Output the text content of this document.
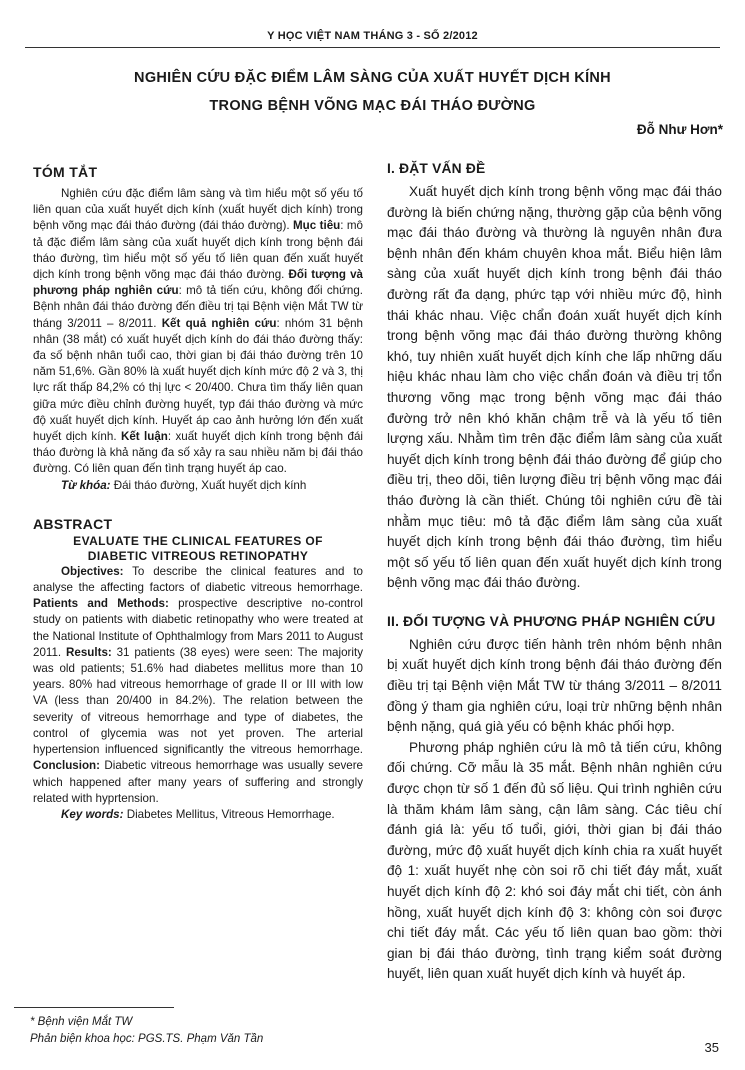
Y HỌC VIỆT NAM THÁNG 3 - SỐ 2/2012
NGHIÊN CỨU ĐẶC ĐIỂM LÂM SÀNG CỦA XUẤT HUYẾT DỊCH KÍNH
TRONG BỆNH VÕNG MẠC ĐÁI THÁO ĐƯỜNG
Đỗ Như Hơn*
TÓM TẮT

Nghiên cứu đặc điểm lâm sàng và tìm hiểu một số yếu tố liên quan của xuất huyết dịch kính (xuất huyết dịch kính) trong bệnh võng mạc đái tháo đường (đái tháo đường). Mục tiêu: mô tả đặc điểm lâm sàng của xuất huyết dịch kính trong bệnh đái tháo đường, tìm hiểu một số yếu tố liên quan đến xuất huyết dịch kính trong bệnh võng mạc đái tháo đường. Đối tượng và phương pháp nghiên cứu: mô tả tiến cứu, không đối chứng. Bệnh nhân đái tháo đường đến điều trị tại Bệnh viện Mắt TW từ tháng 3/2011 – 8/2011. Kết quả nghiên cứu: nhóm 31 bệnh nhân (38 mắt) có xuất huyết dịch kính do đái tháo đường thấy: đa số bệnh nhân tuổi cao, thời gian bị đái tháo đường trên 10 năm 51,6%. Gần 80% là xuất huyết dịch kính mức độ 2 và 3, thị lực rất thấp 84,2% có thị lực < 20/400. Chưa tìm thấy liên quan giữa mức điều chỉnh đường huyết, typ đái tháo đường và mức độ xuất huyết dịch kính. Huyết áp cao ảnh hưởng lớn đến xuất huyết dịch kính. Kết luận: xuất huyết dịch kính trong bệnh đái tháo đường là khả năng đa số xảy ra sau nhiều năm bị đái tháo đường. Có liên quan đến tình trạng huyết áp cao.

Từ khóa: Đái tháo đường, Xuất huyết dịch kính

ABSTRACT
EVALUATE THE CLINICAL FEATURES OF
DIABETIC VITREOUS RETINOPATHY

Objectives: To describe the clinical features and to analyse the affecting factors of diabetic vitreous hemorrhage. Patients and Methods: prospective descriptive no-control study on patients with diabetic retinopathy who were treated at the National Institute of Ophthalmlogy from Mars 2011 to August 2011. Results: 31 patients (38 eyes) were seen: The majority was old patients; 51.6% had diabetes mellitus more than 10 years. 80% had vitreous hemorrhage of grade II or III with low VA (less than 20/400 in 84.2%). The relation between the severity of vitreous hemorrhage and type of diabetes, the control of glycemia was not yet proven. The arterial hypertension influenced significantly the vitreous hemorrhage. Conclusion: Diabetic vitreous hemorrhage was usually severe which happened after many years of suffering and strongly related with hyprtension.

Key words: Diabetes Mellitus, Vitreous Hemorrhage.

I. ĐẶT VẤN ĐỀ

Xuất huyết dịch kính trong bệnh võng mạc đái tháo đường là biến chứng nặng, thường gặp của bệnh võng mạc đái tháo đường và thường là nguyên nhân đưa bệnh nhân đến khám chuyên khoa mắt. Biểu hiện lâm sàng của xuất huyết dịch kính trong bệnh đái tháo đường rất đa dạng, phức tạp với nhiều mức độ, hình thái khác nhau. Việc chẩn đoán xuất huyết dịch kính trong bệnh võng mạc đái tháo đường thường không khó, tuy nhiên xuất huyết dịch kính che lấp những dấu hiệu khác nhau làm cho việc chẩn đoán và điều trị tổn thương võng mạc trong bệnh võng mạc đái tháo đường trở nên khó khăn chậm trễ và là yếu tố tiên lượng xấu. Nhằm tìm trên đặc điểm lâm sàng của xuất huyết dịch kính trong bệnh đái tháo đường để giúp cho điều trị, theo dõi, tiên lượng điều trị bệnh võng mạc đái tháo đường là cần thiết. Chúng tôi nghiên cứu đề tài nhằm mục tiêu: mô tả đặc điểm lâm sàng của xuất huyết dịch kính trong bệnh đái tháo đường, tìm hiểu một số yếu tố liên quan đến xuất huyết dịch kính trong bệnh võng mạc đái tháo đường.

II. ĐỐI TƯỢNG VÀ PHƯƠNG PHÁP NGHIÊN CỨU

Nghiên cứu được tiến hành trên nhóm bệnh nhân bị xuất huyết dịch kính trong bệnh đái tháo đường đến điều trị tại Bệnh viện Mắt TW từ tháng 3/2011 – 8/2011 đồng ý tham gia nghiên cứu, loại trừ những bệnh nhân bệnh nặng, quá già yếu có bệnh khác phối hợp.

Phương pháp nghiên cứu là mô tả tiến cứu, không đối chứng. Cỡ mẫu là 35 mắt. Bệnh nhân nghiên cứu được chọn từ số 1 đến đủ số liệu. Qui trình nghiên cứu là thăm khám lâm sàng, cận lâm sàng. Các tiêu chí đánh giá là: yếu tố tuổi, giới, thời gian bị đái tháo đường, mức độ xuất huyết dịch kính chia ra xuất huyết độ 1: xuất huyết nhẹ còn soi rõ chi tiết đáy mắt, xuất huyết dịch kính độ 2: khó soi đáy mắt chi tiết, còn ánh hồng, xuất huyết dịch kính độ 3: không còn soi được chi tiết đáy mắt. Các yếu tố liên quan bao gồm: thời gian bị đái tháo đường, tình trạng kiểm soát đường huyết, liên quan xuất huyết dịch kính và huyết áp.

* Bệnh viện Mắt TW
Phản biện khoa học: PGS.TS. Phạm Văn Tần
35
